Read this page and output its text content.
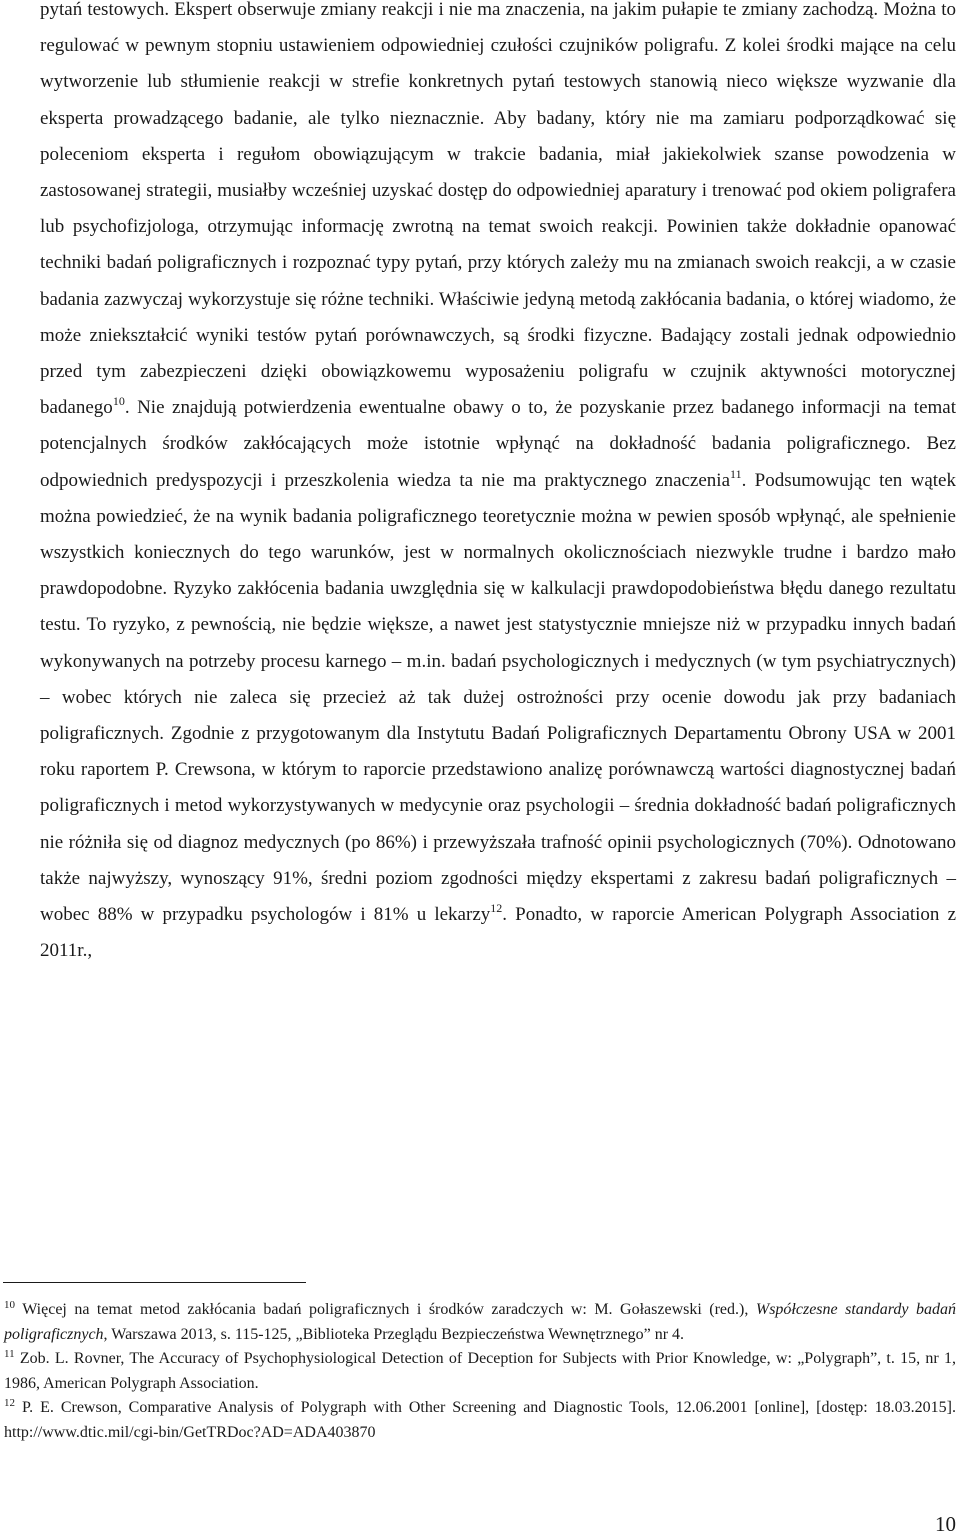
pytań testowych. Ekspert obserwuje zmiany reakcji i nie ma znaczenia, na jakim pułapie te zmiany zachodzą. Można to regulować w pewnym stopniu ustawieniem odpowiedniej czułości czujników poligrafu. Z kolei środki mające na celu wytworzenie lub stłumienie reakcji w strefie konkretnych pytań testowych stanowią nieco większe wyzwanie dla eksperta prowadzącego badanie, ale tylko nieznacznie. Aby badany, który nie ma zamiaru podporządkować się poleceniom eksperta i regułom obowiązującym w trakcie badania, miał jakiekolwiek szanse powodzenia w zastosowanej strategii, musiałby wcześniej uzyskać dostęp do odpowiedniej aparatury i trenować pod okiem poligrafera lub psychofizjologa, otrzymując informację zwrotną na temat swoich reakcji. Powinien także dokładnie opanować techniki badań poligraficznych i rozpoznać typy pytań, przy których zależy mu na zmianach swoich reakcji, a w czasie badania zazwyczaj wykorzystuje się różne techniki. Właściwie jedyną metodą zakłócania badania, o której wiadomo, że może zniekształcić wyniki testów pytań porównawczych, są środki fizyczne. Badający zostali jednak odpowiednio przed tym zabezpieczeni dzięki obowiązkowemu wyposażeniu poligrafu w czujnik aktywności motorycznej badanego$^{10}$. Nie znajdują potwierdzenia ewentualne obawy o to, że pozyskanie przez badanego informacji na temat potencjalnych środków zakłócających może istotnie wpłynąć na dokładność badania poligraficznego. Bez odpowiednich predyspozycji i przeszkolenia wiedza ta nie ma praktycznego znaczenia$^{11}$. Podsumowując ten wątek można powiedzieć, że na wynik badania poligraficznego teoretycznie można w pewien sposób wpłynąć, ale spełnienie wszystkich koniecznych do tego warunków, jest w normalnych okolicznościach niezwykle trudne i bardzo mało prawdopodobne. Ryzyko zakłócenia badania uwzględnia się w kalkulacji prawdopodobieństwa błędu danego rezultatu testu. To ryzyko, z pewnością, nie będzie większe, a nawet jest statystycznie mniejsze niż w przypadku innych badań wykonywanych na potrzeby procesu karnego – m.in. badań psychologicznych i medycznych (w tym psychiatrycznych) – wobec których nie zaleca się przecież aż tak dużej ostrożności przy ocenie dowodu jak przy badaniach poligraficznych. Zgodnie z przygotowanym dla Instytutu Badań Poligraficznych Departamentu Obrony USA w 2001 roku raportem P. Crewsona, w którym to raporcie przedstawiono analizę porównawczą wartości diagnostycznej badań poligraficznych i metod wykorzystywanych w medycynie oraz psychologii – średnia dokładność badań poligraficznych nie różniła się od diagnoz medycznych (po 86%) i przewyższała trafność opinii psychologicznych (70%). Odnotowano także najwyższy, wynoszący 91%, średni poziom zgodności między ekspertami z zakresu badań poligraficznych – wobec 88% w przypadku psychologów i 81% u lekarzy$^{12}$. Ponadto, w raporcie American Polygraph Association z 2011r.,

$^{10}$ Więcej na temat metod zakłócania badań poligraficznych i środków zaradczych w: M. Gołaszewski (red.), Współczesne standardy badań poligraficznych, Warszawa 2013, s. 115-125, „Biblioteka Przeglądu Bezpieczeństwa Wewnętrznego” nr 4.

$^{11}$ Zob. L. Rovner, The Accuracy of Psychophysiological Detection of Deception for Subjects with Prior Knowledge, w: „Polygraph”, t. 15, nr 1, 1986, American Polygraph Association.

$^{12}$ P. E. Crewson, Comparative Analysis of Polygraph with Other Screening and Diagnostic Tools, 12.06.2001 [online], [dostęp: 18.03.2015]. http://www.dtic.mil/cgi-bin/GetTRDoc?AD=ADA403870

10
